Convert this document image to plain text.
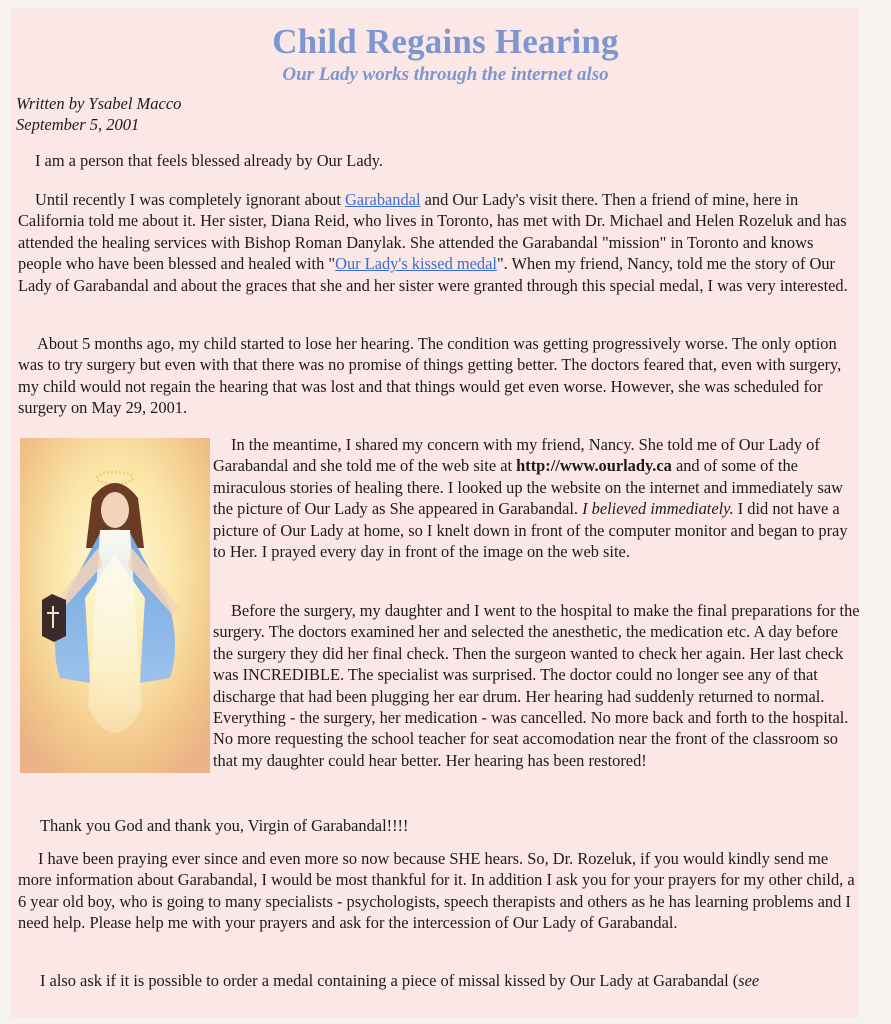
Child Regains Hearing
Our Lady works through the internet also
Written by Ysabel Macco
September 5, 2001

I am a person that feels blessed already by Our Lady.

Until recently I was completely ignorant about Garabandal and Our Lady's visit there. Then a friend of mine, here in California told me about it. Her sister, Diana Reid, who lives in Toronto, has met with Dr. Michael and Helen Rozeluk and has attended the healing services with Bishop Roman Danylak. She attended the Garabandal "mission" in Toronto and knows people who have been blessed and healed with "Our Lady's kissed medal". When my friend, Nancy, told me the story of Our Lady of Garabandal and about the graces that she and her sister were granted through this special medal, I was very interested.

About 5 months ago, my child started to lose her hearing. The condition was getting progressively worse. The only option was to try surgery but even with that there was no promise of things getting better. The doctors feared that, even with surgery, my child would not regain the hearing that was lost and that things would get even worse. However, she was scheduled for surgery on May 29, 2001.

In the meantime, I shared my concern with my friend, Nancy. She told me of Our Lady of Garabandal and she told me of the web site at http://www.ourlady.ca and of some of the miraculous stories of healing there. I looked up the website on the internet and immediately saw the picture of Our Lady as She appeared in Garabandal. I believed immediately. I did not have a picture of Our Lady at home, so I knelt down in front of the computer monitor and began to pray to Her. I prayed every day in front of the image on the web site.

Before the surgery, my daughter and I went to the hospital to make the final preparations for the surgery. The doctors examined her and selected the anesthetic, the medication etc. A day before the surgery they did her final check. Then the surgeon wanted to check her again. Her last check was INCREDIBLE. The specialist was surprised. The doctor could no longer see any of that discharge that had been plugging her ear drum. Her hearing had suddenly returned to normal. Everything - the surgery, her medication - was cancelled. No more back and forth to the hospital. No more requesting the school teacher for seat accomodation near the front of the classroom so that my daughter could hear better. Her hearing has been restored!

Thank you God and thank you, Virgin of Garabandal!!!!

I have been praying ever since and even more so now because SHE hears. So, Dr. Rozeluk, if you would kindly send me more information about Garabandal, I would be most thankful for it. In addition I ask you for your prayers for my other child, a 6 year old boy, who is going to many specialists - psychologists, speech therapists and others as he has learning problems and I need help. Please help me with your prayers and ask for the intercession of Our Lady of Garabandal.

I also ask if it is possible to order a medal containing a piece of missal kissed by Our Lady at Garabandal (see
